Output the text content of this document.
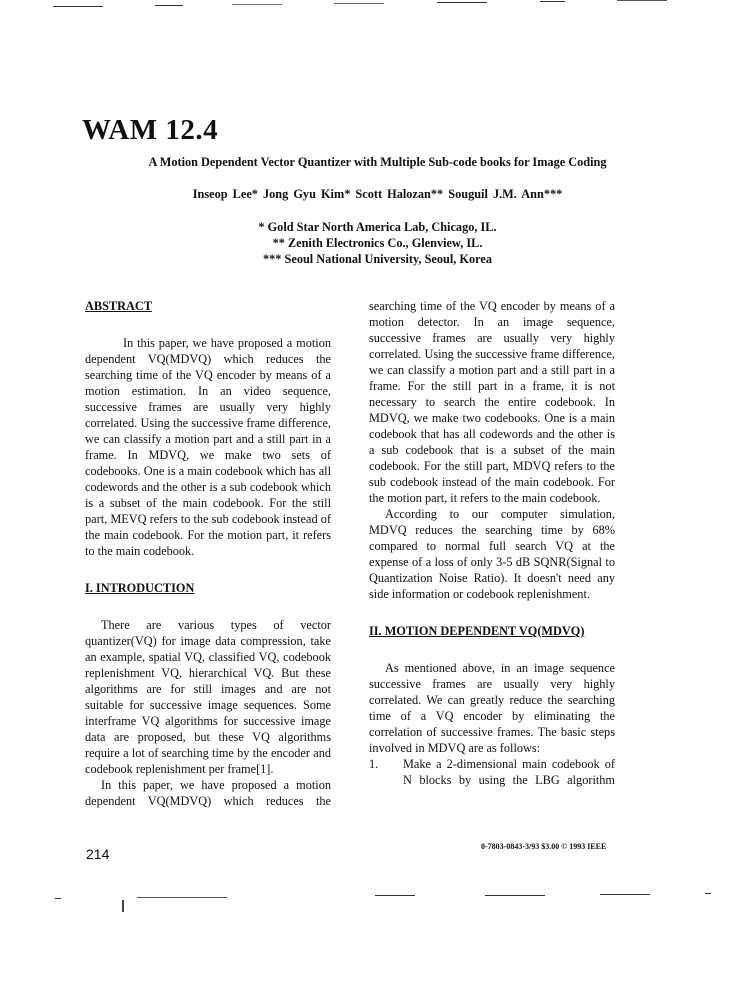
WAM 12.4
A Motion Dependent Vector Quantizer with Multiple Sub-code books for Image Coding
Inseop Lee* Jong Gyu Kim* Scott Halozan** Souguil J.M. Ann***
* Gold Star North America Lab, Chicago, IL.
** Zenith Electronics Co., Glenview, IL.
*** Seoul National University, Seoul, Korea

ABSTRACT

In this paper, we have proposed a motion dependent VQ(MDVQ) which reduces the searching time of the VQ encoder by means of a motion estimation. In an video sequence, successive frames are usually very highly correlated. Using the successive frame difference, we can classify a motion part and a still part in a frame. In MDVQ, we make two sets of codebooks. One is a main codebook which has all codewords and the other is a sub codebook which is a subset of the main codebook. For the still part, MEVQ refers to the sub codebook instead of the main codebook. For the motion part, it refers to the main codebook.

I. INTRODUCTION

There are various types of vector quantizer(VQ) for image data compression, take an example, spatial VQ, classified VQ, codebook replenishment VQ, hierarchical VQ. But these algorithms are for still images and are not suitable for successive image sequences. Some interframe VQ algorithms for successive image data are proposed, but these VQ algorithms require a lot of searching time by the encoder and codebook replenishment per frame[1].

In this paper, we have proposed a motion dependent VQ(MDVQ) which reduces the

searching time of the VQ encoder by means of a motion detector. In an image sequence, successive frames are usually very highly correlated. Using the successive frame difference, we can classify a motion part and a still part in a frame. For the still part in a frame, it is not necessary to search the entire codebook. In MDVQ, we make two codebooks. One is a main codebook that has all codewords and the other is a sub codebook that is a subset of the main codebook. For the still part, MDVQ refers to the sub codebook instead of the main codebook. For the motion part, it refers to the main codebook.

According to our computer simulation, MDVQ reduces the searching time by 68% compared to normal full search VQ at the expense of a loss of only 3-5 dB SQNR(Signal to Quantization Noise Ratio). It doesn't need any side information or codebook replenishment.

II. MOTION DEPENDENT VQ(MDVQ)

As mentioned above, in an image sequence successive frames are usually very highly correlated. We can greatly reduce the searching time of a VQ encoder by eliminating the correlation of successive frames. The basic steps involved in MDVQ are as follows:

1.	Make a 2-dimensional main codebook of N blocks by using the LBG algorithm
214	0-7803-0843-3/93 $3.00 © 1993 IEEE
